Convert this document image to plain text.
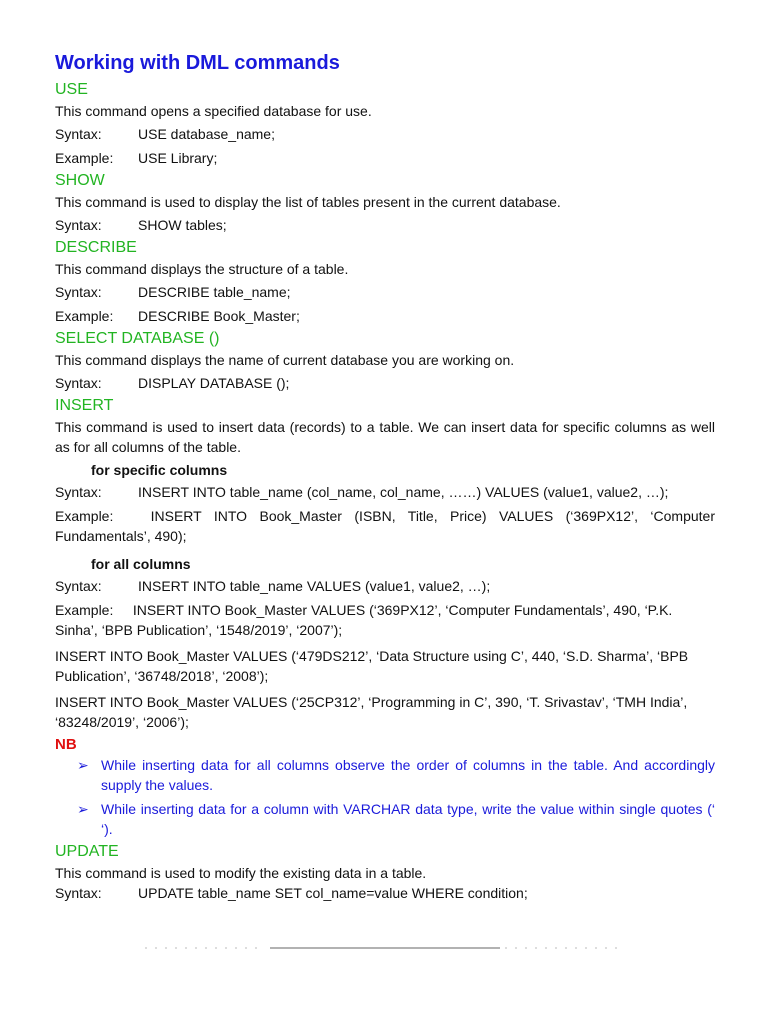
Working with DML commands
USE
This command opens a specified database for use.
Syntax:	USE database_name;
Example:	USE Library;
SHOW
This command is used to display the list of tables present in the current database.
Syntax:	SHOW tables;
DESCRIBE
This command displays the structure of a table.
Syntax:	DESCRIBE table_name;
Example:	DESCRIBE Book_Master;
SELECT DATABASE ()
This command displays the name of current database you are working on.
Syntax:	DISPLAY DATABASE ();
INSERT
This command is used to insert data (records) to a table. We can insert data for specific columns as well as for all columns of the table.
for specific columns
Syntax:	INSERT INTO table_name (col_name, col_name, ……) VALUES (value1, value2, …);
Example:	INSERT INTO Book_Master (ISBN, Title, Price) VALUES (‘369PX12’, ‘Computer Fundamentals’, 490);
for all columns
Syntax:	INSERT INTO table_name VALUES (value1, value2, …);
Example: INSERT INTO Book_Master VALUES (‘369PX12’, ‘Computer Fundamentals’, 490, ‘P.K. Sinha’, ‘BPB Publication’, ‘1548/2019’, ‘2007’);
INSERT INTO Book_Master VALUES (‘479DS212’, ‘Data Structure using C’, 440, ‘S.D. Sharma’, ‘BPB Publication’, ‘36748/2018’, ‘2008’);
INSERT INTO Book_Master VALUES (‘25CP312’, ‘Programming in C’, 390, ‘T. Srivastav’, ‘TMH India’, ‘83248/2019’, ‘2006’);
NB
➢ While inserting data for all columns observe the order of columns in the table. And accordingly supply the values.
➢ While inserting data for a column with VARCHAR data type, write the value within single quotes (‘ ‘).
UPDATE
This command is used to modify the existing data in a table.
Syntax:	UPDATE table_name SET col_name=value WHERE condition;
